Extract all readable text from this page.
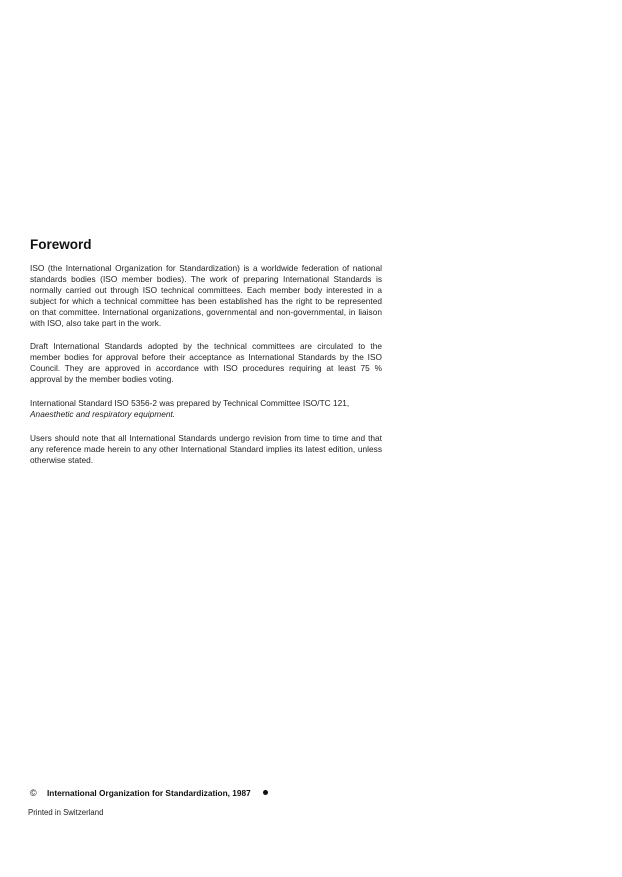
Foreword

ISO (the International Organization for Standardization) is a worldwide federation of national standards bodies (ISO member bodies). The work of preparing International Standards is normally carried out through ISO technical committees. Each member body interested in a subject for which a technical committee has been established has the right to be represented on that committee. International organizations, governmental and non-governmental, in liaison with ISO, also take part in the work.

Draft International Standards adopted by the technical committees are circulated to the member bodies for approval before their acceptance as International Standards by the ISO Council. They are approved in accordance with ISO procedures requiring at least 75 % approval by the member bodies voting.

International Standard ISO 5356-2 was prepared by Technical Committee ISO/TC 121,
Anaesthetic and respiratory equipment.

Users should note that all International Standards undergo revision from time to time and that any reference made herein to any other International Standard implies its latest edition, unless otherwise stated.

© International Organization for Standardization, 1987
Printed in Switzerland
